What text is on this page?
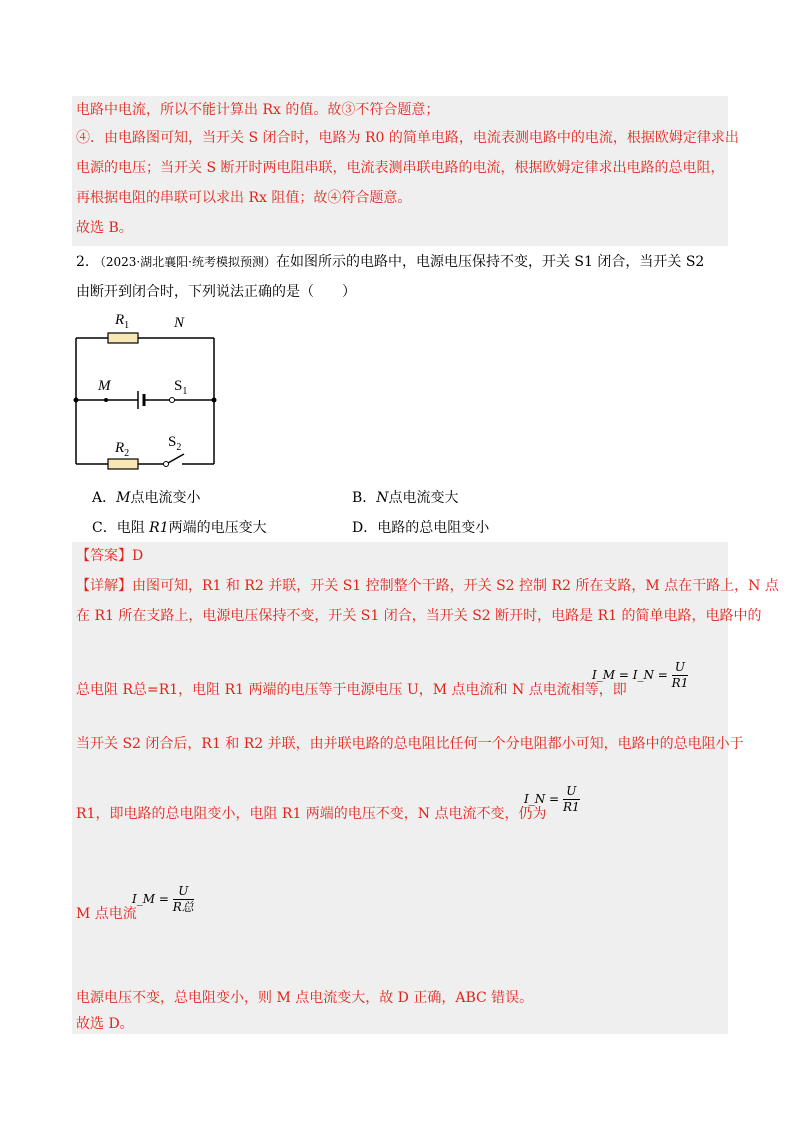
电路中电流，所以不能计算出 Rx 的值。故③不符合题意；
④．由电路图可知，当开关 S 闭合时，电路为 R0 的简单电路，电流表测电路中的电流，根据欧姆定律求出
电源的电压；当开关 S 断开时两电阻串联，电流表测串联电路的电流，根据欧姆定律求出电路的总电阻，
再根据电阻的串联可以求出 Rx 阻值；故④符合题意。
故选 B。
2. （2023·湖北襄阳·统考模拟预测）在如图所示的电路中，电源电压保持不变，开关 S1 闭合，当开关 S2
由断开到闭合时，下列说法正确的是（　　）
$R_1$	N
M	$S_1$
$R_2$
$S_2$
A．M点电流变小	B．N点电流变大
C．电阻 R1两端的电压变大	D．电路的总电阻变小
【答案】D
【详解】由图可知，R1 和 R2 并联，开关 S1 控制整个干路，开关 S2 控制 R2 所在支路，M 点在干路上，N 点
在 R1 所在支路上，电源电压保持不变，开关 S1 闭合，当开关 S2 断开时，电路是 R1 的简单电路，电路中的
总电阻 R总=R1，电阻 R1 两端的电压等于电源电压 U，M 点电流和 N 点电流相等，即
当开关 S2 闭合后，R1 和 R2 并联，由并联电路的总电阻比任何一个分电阻都小可知，电路中的总电阻小于
R1，即电路的总电阻变小，电阻 R1 两端的电压不变，N 点电流不变，仍为
M 点电流
电源电压不变，总电阻变小，则 M 点电流变大，故 D 正确，ABC 错误。
故选 D。
I_M = I_N = $\frac{U}{R1}$
I_N = $\frac{U}{R1}$
I_M = $\frac{U}{\text{R总}}$
